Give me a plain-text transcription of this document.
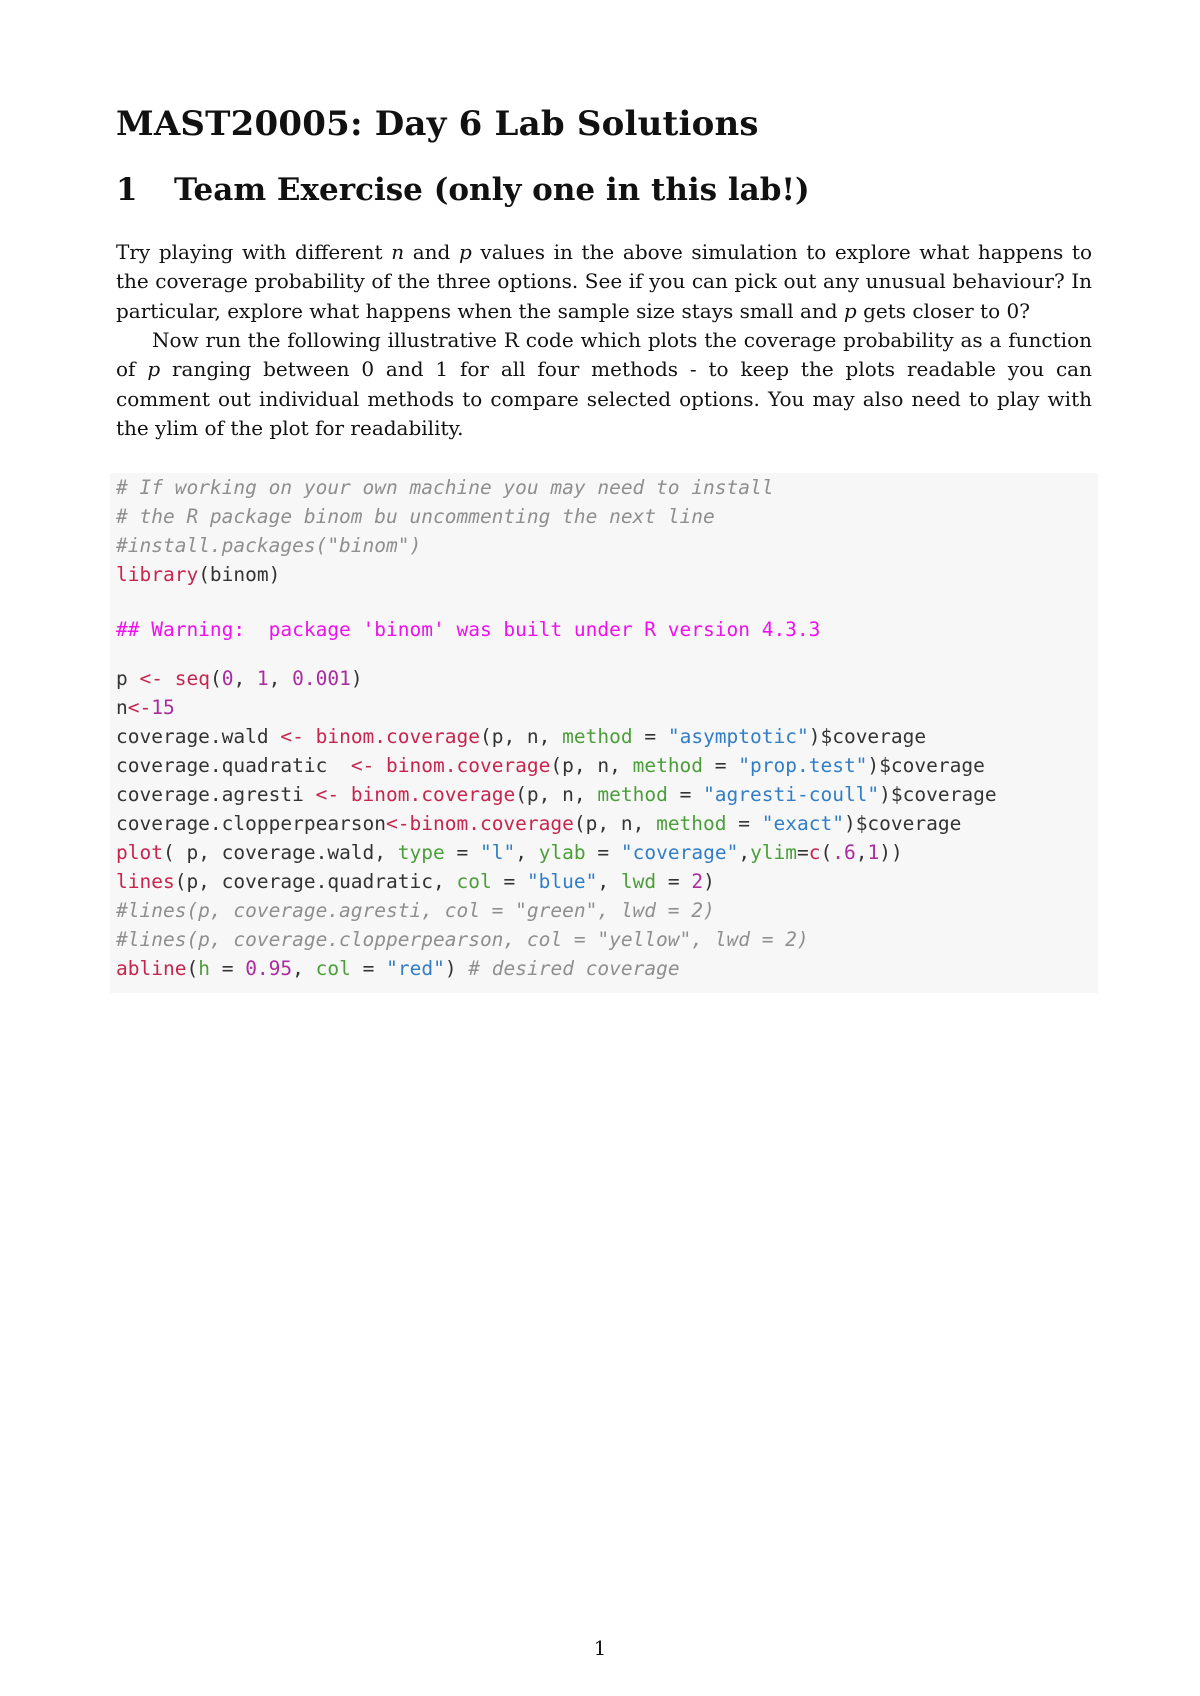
MAST20005: Day 6 Lab Solutions
1 Team Exercise (only one in this lab!)

Try playing with different n and p values in the above simulation to explore what happens to the coverage probability of the three options. See if you can pick out any unusual behaviour? In particular, explore what happens when the sample size stays small and p gets closer to 0?

Now run the following illustrative R code which plots the coverage probability as a function of p ranging between 0 and 1 for all four methods - to keep the plots readable you can comment out individual methods to compare selected options. You may also need to play with the ylim of the plot for readability.

# If working on your own machine you may need to install
# the R package binom bu uncommenting the next line
#install.packages("binom")
library(binom)
## Warning:  package 'binom' was built under R version 4.3.3
p <- seq(0, 1, 0.001)
n<-15
coverage.wald <- binom.coverage(p, n, method = "asymptotic")$coverage
coverage.quadratic  <- binom.coverage(p, n, method = "prop.test")$coverage
coverage.agresti <- binom.coverage(p, n, method = "agresti-coull")$coverage
coverage.clopperpearson<-binom.coverage(p, n, method = "exact")$coverage
plot( p, coverage.wald, type = "l", ylab = "coverage",ylim=c(.6,1))
lines(p, coverage.quadratic, col = "blue", lwd = 2)
#lines(p, coverage.agresti, col = "green", lwd = 2)
#lines(p, coverage.clopperpearson, col = "yellow", lwd = 2)
abline(h = 0.95, col = "red") # desired coverage
1
